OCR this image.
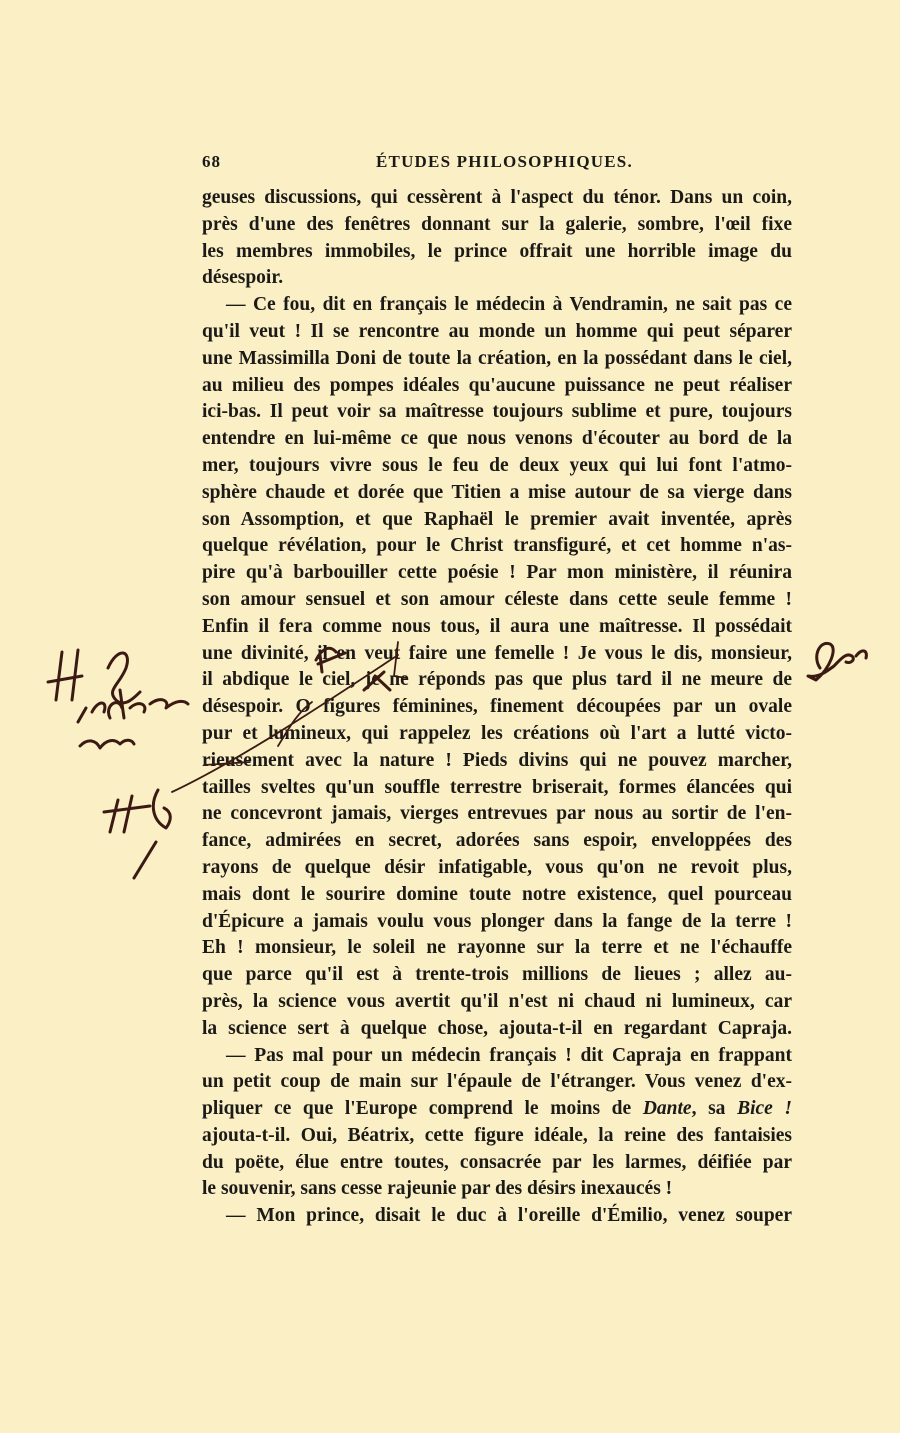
68	ÉTUDES PHILOSOPHIQUES.
geuses discussions, qui cessèrent à l'aspect du ténor. Dans un coin,
près d'une des fenêtres donnant sur la galerie, sombre, l'œil fixe
les membres immobiles, le prince offrait une horrible image du
désespoir.
— Ce fou, dit en français le médecin à Vendramin, ne sait pas ce
qu'il veut ! Il se rencontre au monde un homme qui peut séparer
une Massimilla Doni de toute la création, en la possédant dans le ciel,
au milieu des pompes idéales qu'aucune puissance ne peut réaliser
ici-bas. Il peut voir sa maîtresse toujours sublime et pure, toujours
entendre en lui-même ce que nous venons d'écouter au bord de la
mer, toujours vivre sous le feu de deux yeux qui lui font l'atmo-
sphère chaude et dorée que Titien a mise autour de sa vierge dans
son Assomption, et que Raphaël le premier avait inventée, après
quelque révélation, pour le Christ transfiguré, et cet homme n'as-
pire qu'à barbouiller cette poésie ! Par mon ministère, il réunira
son amour sensuel et son amour céleste dans cette seule femme !
Enfin il fera comme nous tous, il aura une maîtresse. Il possédait
une divinité, il en veut faire une femelle ! Je vous le dis, monsieur,
il abdique le ciel, je ne réponds pas que plus tard il ne meure de
désespoir. O figures féminines, finement découpées par un ovale
pur et lumineux, qui rappelez les créations où l'art a lutté victo-
rieusement avec la nature ! Pieds divins qui ne pouvez marcher,
tailles sveltes qu'un souffle terrestre briserait, formes élancées qui
ne concevront jamais, vierges entrevues par nous au sortir de l'en-
fance, admirées en secret, adorées sans espoir, enveloppées des
rayons de quelque désir infatigable, vous qu'on ne revoit plus,
mais dont le sourire domine toute notre existence, quel pourceau
d'Épicure a jamais voulu vous plonger dans la fange de la terre !
Eh ! monsieur, le soleil ne rayonne sur la terre et ne l'échauffe
que parce qu'il est à trente-trois millions de lieues ; allez au-
près, la science vous avertit qu'il n'est ni chaud ni lumineux, car
la science sert à quelque chose, ajouta-t-il en regardant Capraja.
— Pas mal pour un médecin français ! dit Capraja en frappant
un petit coup de main sur l'épaule de l'étranger. Vous venez d'ex-
pliquer ce que l'Europe comprend le moins de Dante, sa Bice !
ajouta-t-il. Oui, Béatrix, cette figure idéale, la reine des fantaisies
du poëte, élue entre toutes, consacrée par les larmes, déifiée par
le souvenir, sans cesse rajeunie par des désirs inexaucés !
— Mon prince, disait le duc à l'oreille d'Émilio, venez souper
